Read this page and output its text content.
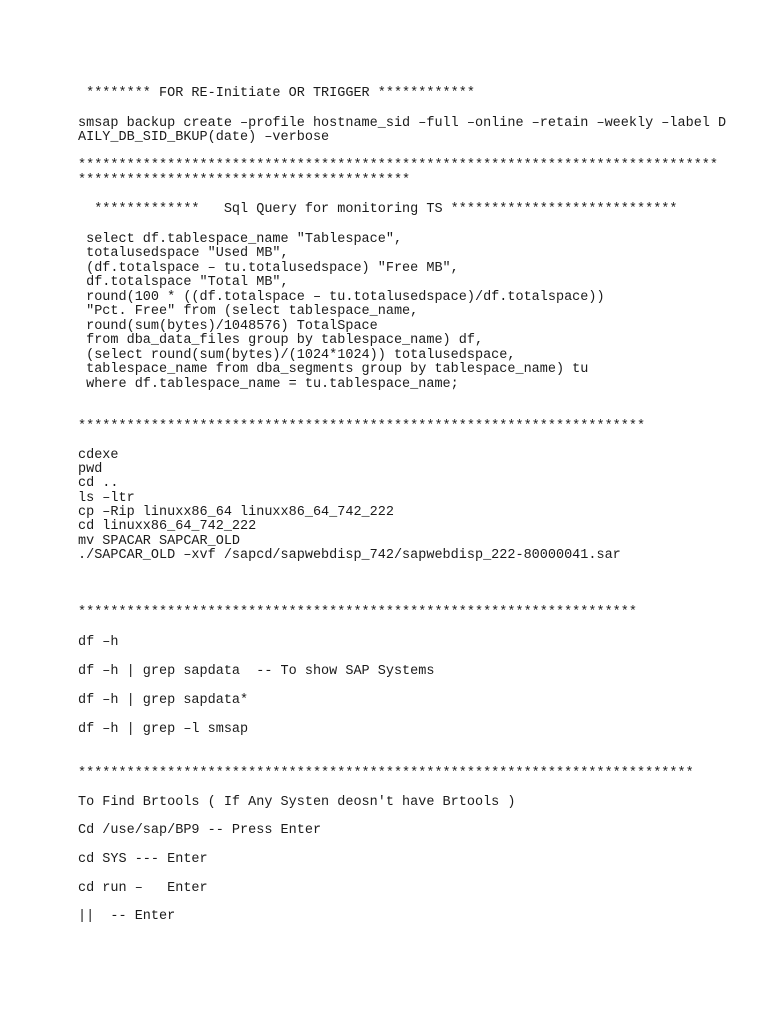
******** FOR RE-Initiate OR TRIGGER ************
smsap backup create –profile hostname_sid –full –online –retain –weekly –label D
AILY_DB_SID_BKUP(date) –verbose
*******************************************************************************
*****************************************
*************   Sql Query for monitoring TS ****************************
select df.tablespace_name "Tablespace",
totalusedspace "Used MB",
(df.totalspace – tu.totalusedspace) "Free MB",
df.totalspace "Total MB",
round(100 * ((df.totalspace – tu.totalusedspace)/df.totalspace))
"Pct. Free" from (select tablespace_name,
round(sum(bytes)/1048576) TotalSpace
from dba_data_files group by tablespace_name) df,
(select round(sum(bytes)/(1024*1024)) totalusedspace,
tablespace_name from dba_segments group by tablespace_name) tu
where df.tablespace_name = tu.tablespace_name;
**********************************************************************
cdexe
pwd
cd ..
ls –ltr
cp –Rip linuxx86_64 linuxx86_64_742_222
cd linuxx86_64_742_222
mv SPACAR SAPCAR_OLD
./SAPCAR_OLD –xvf /sapcd/sapwebdisp_742/sapwebdisp_222-80000041.sar
*********************************************************************
df –h
df –h | grep sapdata  -- To show SAP Systems
df –h | grep sapdata*
df –h | grep –l smsap
****************************************************************************
To Find Brtools ( If Any Systen deosn't have Brtools )
Cd /use/sap/BP9 -- Press Enter
cd SYS --- Enter
cd run –   Enter
||  -- Enter
